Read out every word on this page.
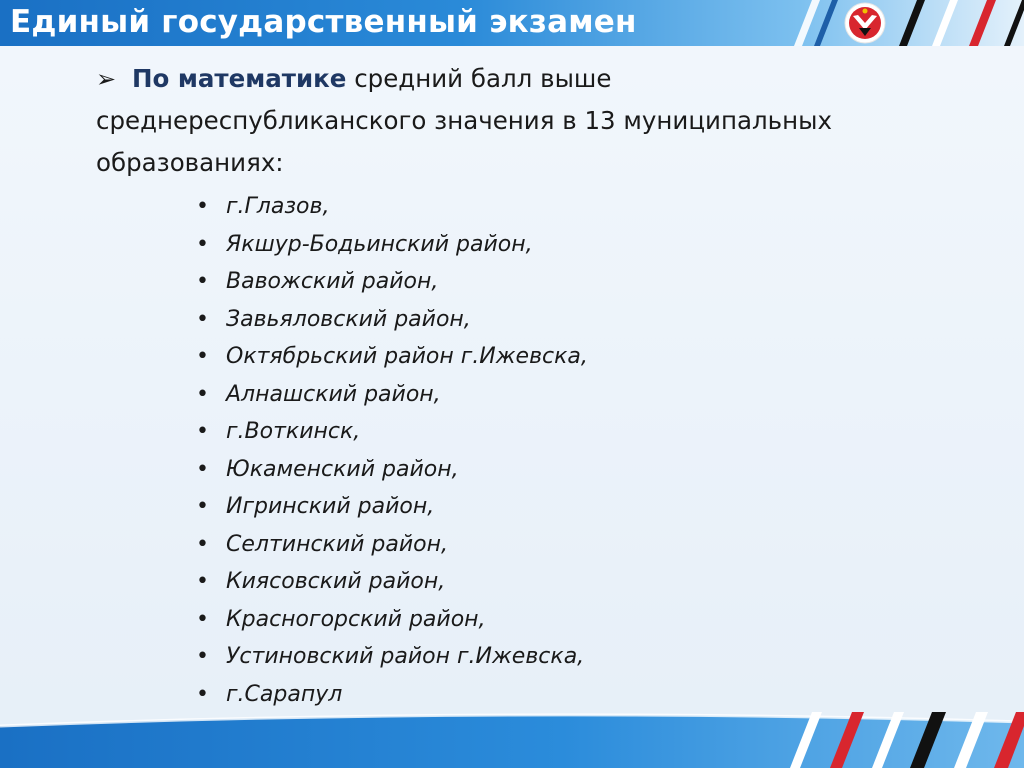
Единый государственный экзамен
➢ По математике средний балл выше
среднереспубликанского значения в 13 муниципальных
образованиях:
• г.Глазов,
• Якшур-Бодьинский район,
• Вавожский район,
• Завьяловский район,
• Октябрьский район г.Ижевска,
• Алнашский район,
• г.Воткинск,
• Юкаменский район,
• Игринский район,
• Селтинский район,
• Киясовский район,
• Красногорский район,
• Устиновский район г.Ижевска,
• г.Сарапул
